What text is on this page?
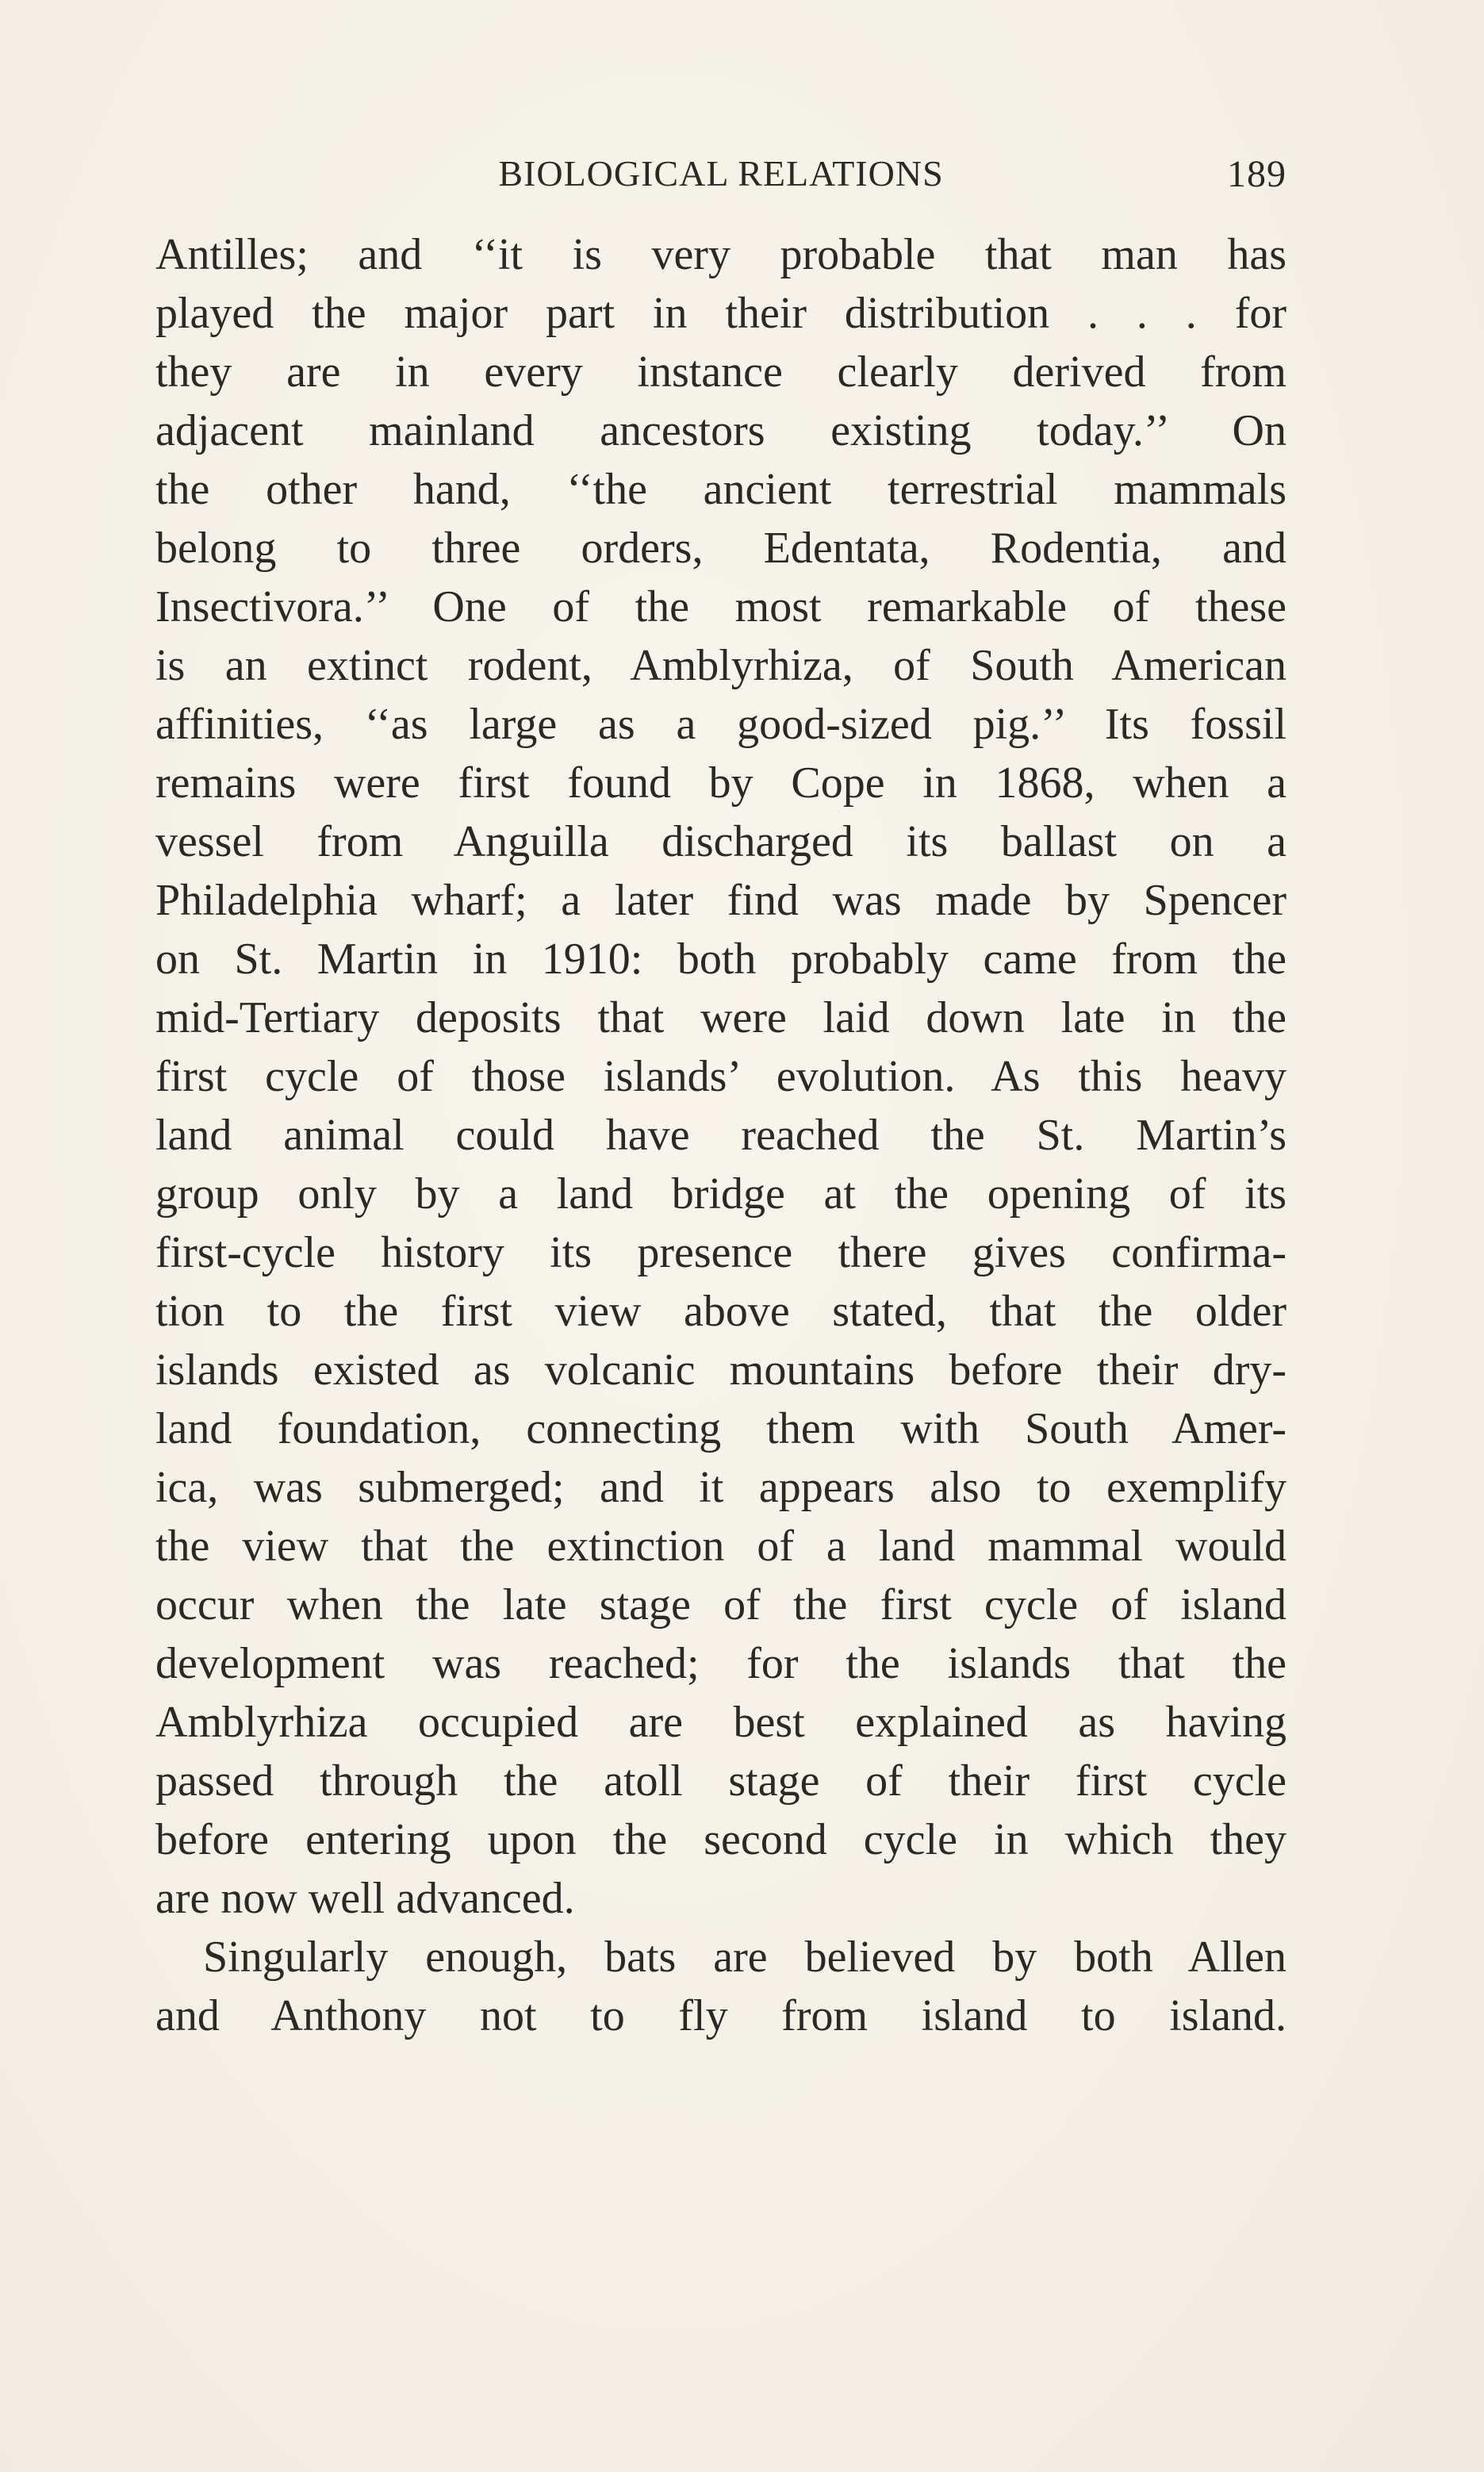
BIOLOGICAL RELATIONS	189
Antilles; and ‘‘it is very probable that man has
played the major part in their distribution . . . for
they are in every instance clearly derived from
adjacent mainland ancestors existing today.’’ On
the other hand, ‘‘the ancient terrestrial mammals
belong to three orders, Edentata, Rodentia, and
Insectivora.’’ One of the most remarkable of these
is an extinct rodent, Amblyrhiza, of South American
affinities, ‘‘as large as a good-sized pig.’’ Its fossil
remains were first found by Cope in 1868, when a
vessel from Anguilla discharged its ballast on a
Philadelphia wharf; a later find was made by Spencer
on St. Martin in 1910: both probably came from the
mid-Tertiary deposits that were laid down late in the
first cycle of those islands’ evolution. As this heavy
land animal could have reached the St. Martin’s
group only by a land bridge at the opening of its
first-cycle history its presence there gives confirma-
tion to the first view above stated, that the older
islands existed as volcanic mountains before their dry-
land foundation, connecting them with South Amer-
ica, was submerged; and it appears also to exemplify
the view that the extinction of a land mammal would
occur when the late stage of the first cycle of island
development was reached; for the islands that the
Amblyrhiza occupied are best explained as having
passed through the atoll stage of their first cycle
before entering upon the second cycle in which they
are now well advanced.
Singularly enough, bats are believed by both Allen
and Anthony not to fly from island to island.
